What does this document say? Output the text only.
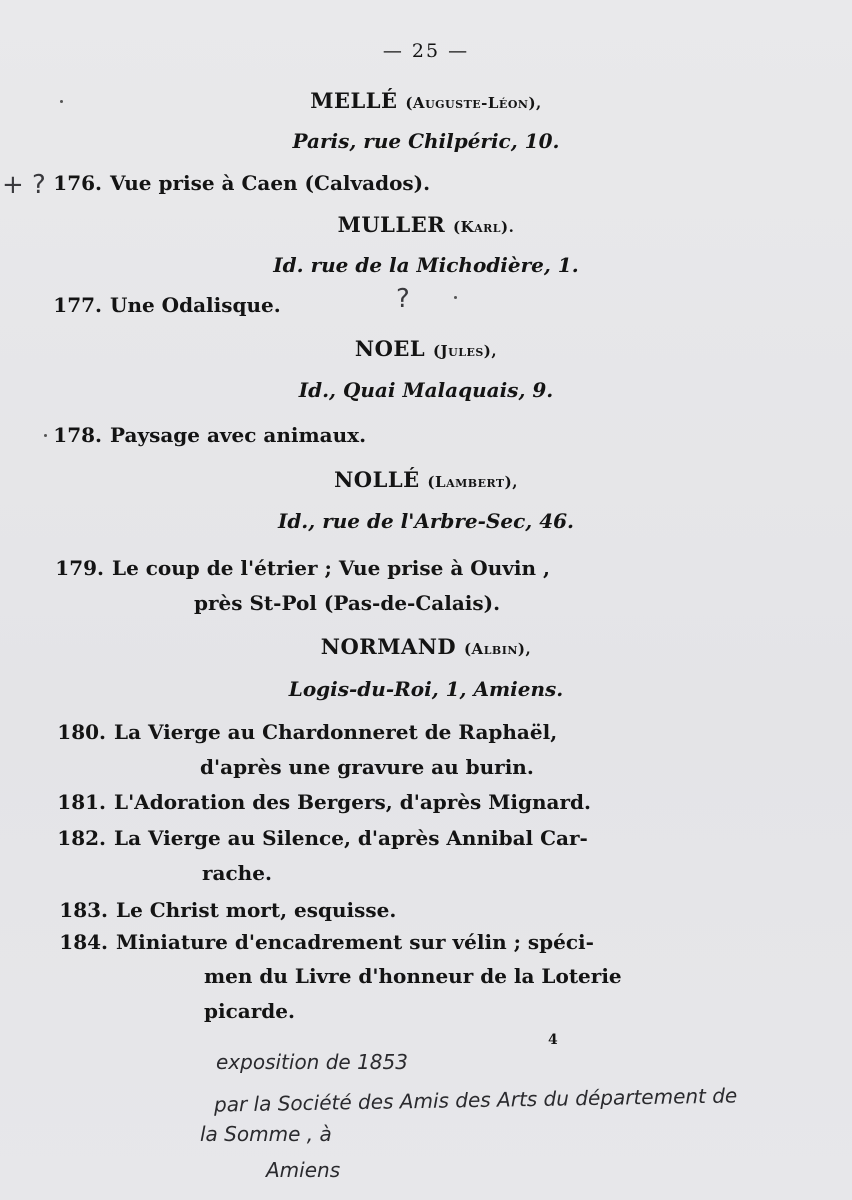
— 25 —
MELLÉ (Auguste-Léon),
Paris, rue Chilpéric, 10.
176. Vue prise à Caen (Calvados).
MULLER (Karl).
Id. rue de la Michodière, 1.
177. Une Odalisque.
NOEL (Jules),
Id., Quai Malaquais, 9.
178. Paysage avec animaux.
NOLLÉ (Lambert),
Id., rue de l'Arbre-Sec, 46.
179. Le coup de l'étrier ; Vue prise à Ouvin ,
près St-Pol (Pas-de-Calais).
NORMAND (Albin),
Logis-du-Roi, 1, Amiens.
180. La Vierge au Chardonneret de Raphaël,
d'après une gravure au burin.
181. L'Adoration des Bergers, d'après Mignard.
182. La Vierge au Silence, d'après Annibal Car-
rache.
183. Le Christ mort, esquisse.
184. Miniature d'encadrement sur vélin ; spéci-
men du Livre d'honneur de la Loterie
picarde.
4
+ ?
?
exposition de 1853
par la Société des Amis des Arts du département de
la Somme , à
Amiens
